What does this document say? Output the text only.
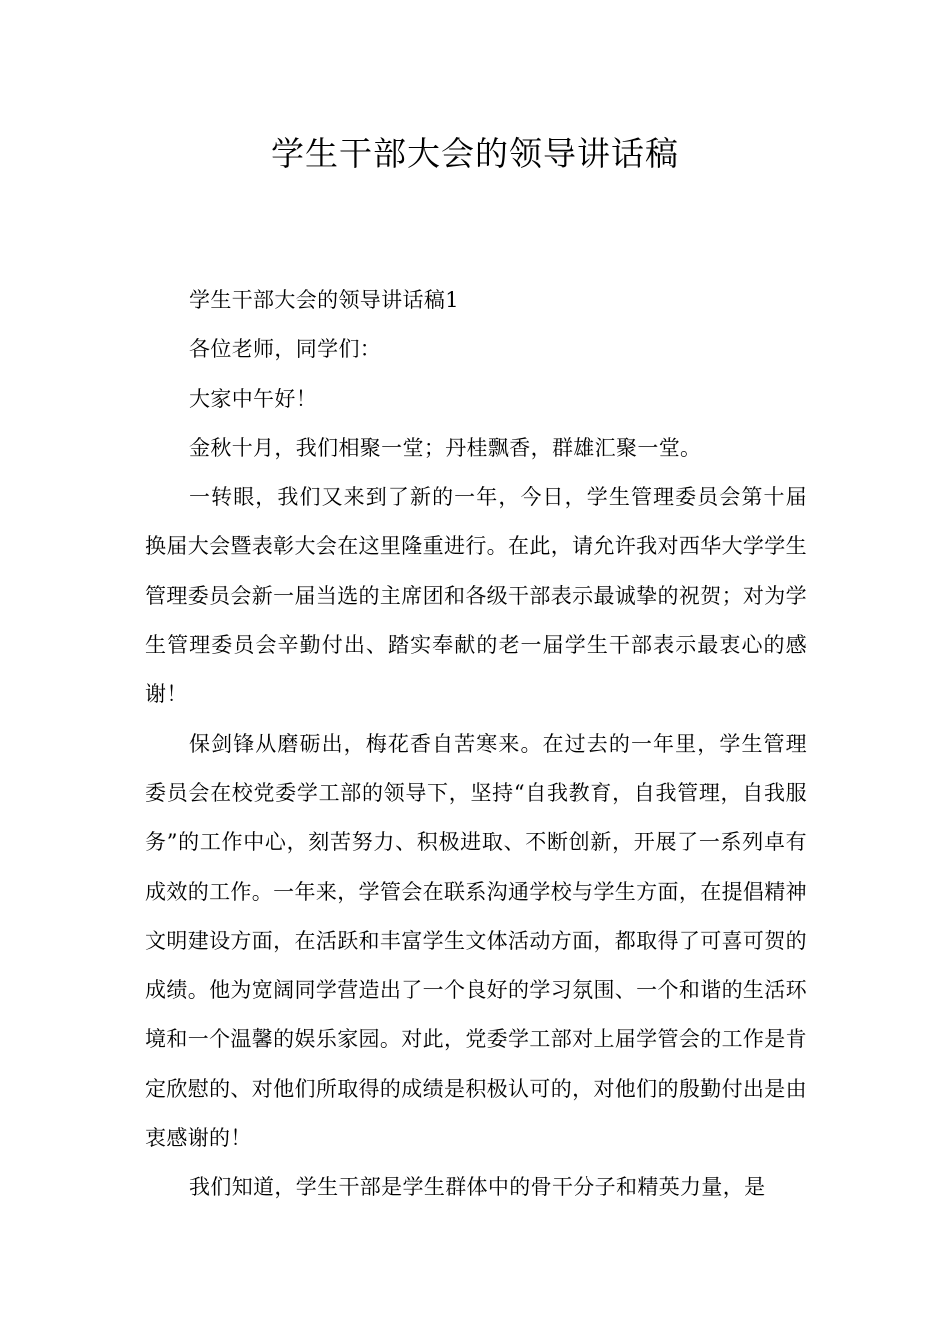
学生干部大会的领导讲话稿

学生干部大会的领导讲话稿1

各位老师，同学们：

大家中午好！

金秋十月，我们相聚一堂；丹桂飘香，群雄汇聚一堂。

一转眼，我们又来到了新的一年，今日，学生管理委员会第十届换届大会暨表彰大会在这里隆重进行。在此，请允许我对西华大学学生管理委员会新一届当选的主席团和各级干部表示最诚挚的祝贺；对为学生管理委员会辛勤付出、踏实奉献的老一届学生干部表示最衷心的感谢！

保剑锋从磨砺出，梅花香自苦寒来。在过去的一年里，学生管理委员会在校党委学工部的领导下，坚持“自我教育，自我管理，自我服务”的工作中心，刻苦努力、积极进取、不断创新，开展了一系列卓有成效的工作。一年来，学管会在联系沟通学校与学生方面，在提倡精神文明建设方面，在活跃和丰富学生文体活动方面，都取得了可喜可贺的成绩。他为宽阔同学营造出了一个良好的学习氛围、一个和谐的生活环境和一个温馨的娱乐家园。对此，党委学工部对上届学管会的工作是肯定欣慰的、对他们所取得的成绩是积极认可的，对他们的殷勤付出是由衷感谢的！

我们知道，学生干部是学生群体中的骨干分子和精英力量，是
